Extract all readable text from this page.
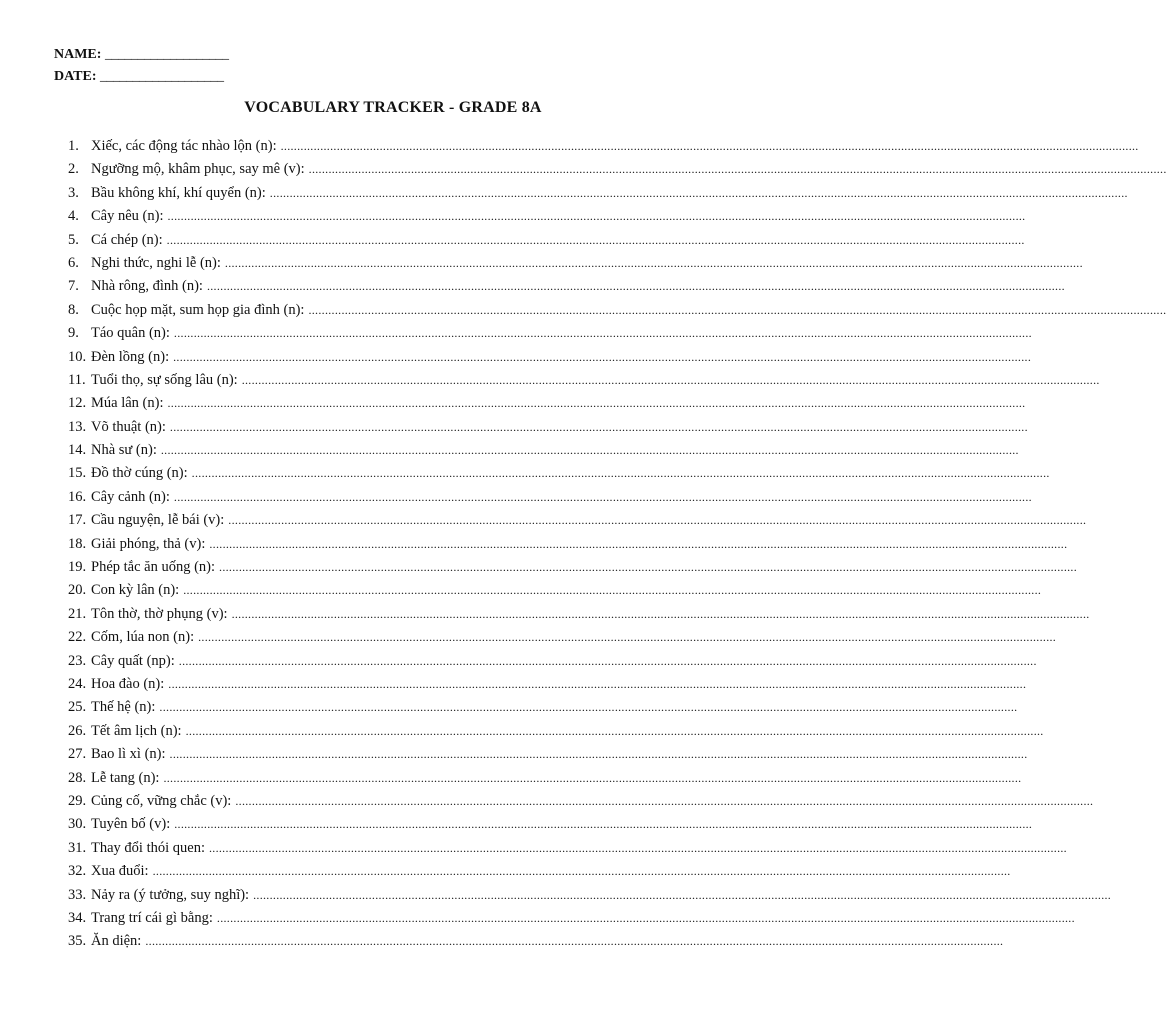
NAME: ___________________
DATE: ___________________
VOCABULARY TRACKER - GRADE 8A
1. Xiếc, các động tác nhào lộn (n): ....................................................................................................................................................................................................................................................................
2. Ngưỡng mộ, khâm phục, say mê (v): ....................................................................................................................................................................................................................................................................
3. Bầu không khí, khí quyển (n): ....................................................................................................................................................................................................................................................................
4. Cây nêu (n): ....................................................................................................................................................................................................................................................................
5. Cá chép (n): ....................................................................................................................................................................................................................................................................
6. Nghi thức, nghi lễ (n): ....................................................................................................................................................................................................................................................................
7. Nhà rông, đình (n): ....................................................................................................................................................................................................................................................................
8. Cuộc họp mặt, sum họp gia đình (n): ....................................................................................................................................................................................................................................................................
9. Táo quân (n): ....................................................................................................................................................................................................................................................................
10. Đèn lồng (n): ....................................................................................................................................................................................................................................................................
11. Tuổi thọ, sự sống lâu (n): ....................................................................................................................................................................................................................................................................
12. Múa lân (n): ....................................................................................................................................................................................................................................................................
13. Võ thuật (n): ....................................................................................................................................................................................................................................................................
14. Nhà sư (n): ....................................................................................................................................................................................................................................................................
15. Đồ thờ cúng (n): ....................................................................................................................................................................................................................................................................
16. Cây cảnh (n): ....................................................................................................................................................................................................................................................................
17. Cầu nguyện, lễ bái (v): ....................................................................................................................................................................................................................................................................
18. Giải phóng, thả (v): ....................................................................................................................................................................................................................................................................
19. Phép tắc ăn uống (n): ....................................................................................................................................................................................................................................................................
20. Con kỳ lân (n): ....................................................................................................................................................................................................................................................................
21. Tôn thờ, thờ phụng (v): ....................................................................................................................................................................................................................................................................
22. Cốm, lúa non (n): ....................................................................................................................................................................................................................................................................
23. Cây quất (np): ....................................................................................................................................................................................................................................................................
24. Hoa đào (n): ....................................................................................................................................................................................................................................................................
25. Thế hệ (n): ....................................................................................................................................................................................................................................................................
26. Tết âm lịch (n): ....................................................................................................................................................................................................................................................................
27. Bao lì xì (n): ....................................................................................................................................................................................................................................................................
28. Lễ tang (n): ....................................................................................................................................................................................................................................................................
29. Củng cố, vững chắc (v): ....................................................................................................................................................................................................................................................................
30. Tuyên bố (v): ....................................................................................................................................................................................................................................................................
31. Thay đổi thói quen: ....................................................................................................................................................................................................................................................................
32. Xua đuổi: ....................................................................................................................................................................................................................................................................
33. Nảy ra (ý tưởng, suy nghĩ): ....................................................................................................................................................................................................................................................................
34. Trang trí cái gì bằng: ....................................................................................................................................................................................................................................................................
35. Ăn diện: ....................................................................................................................................................................................................................................................................
